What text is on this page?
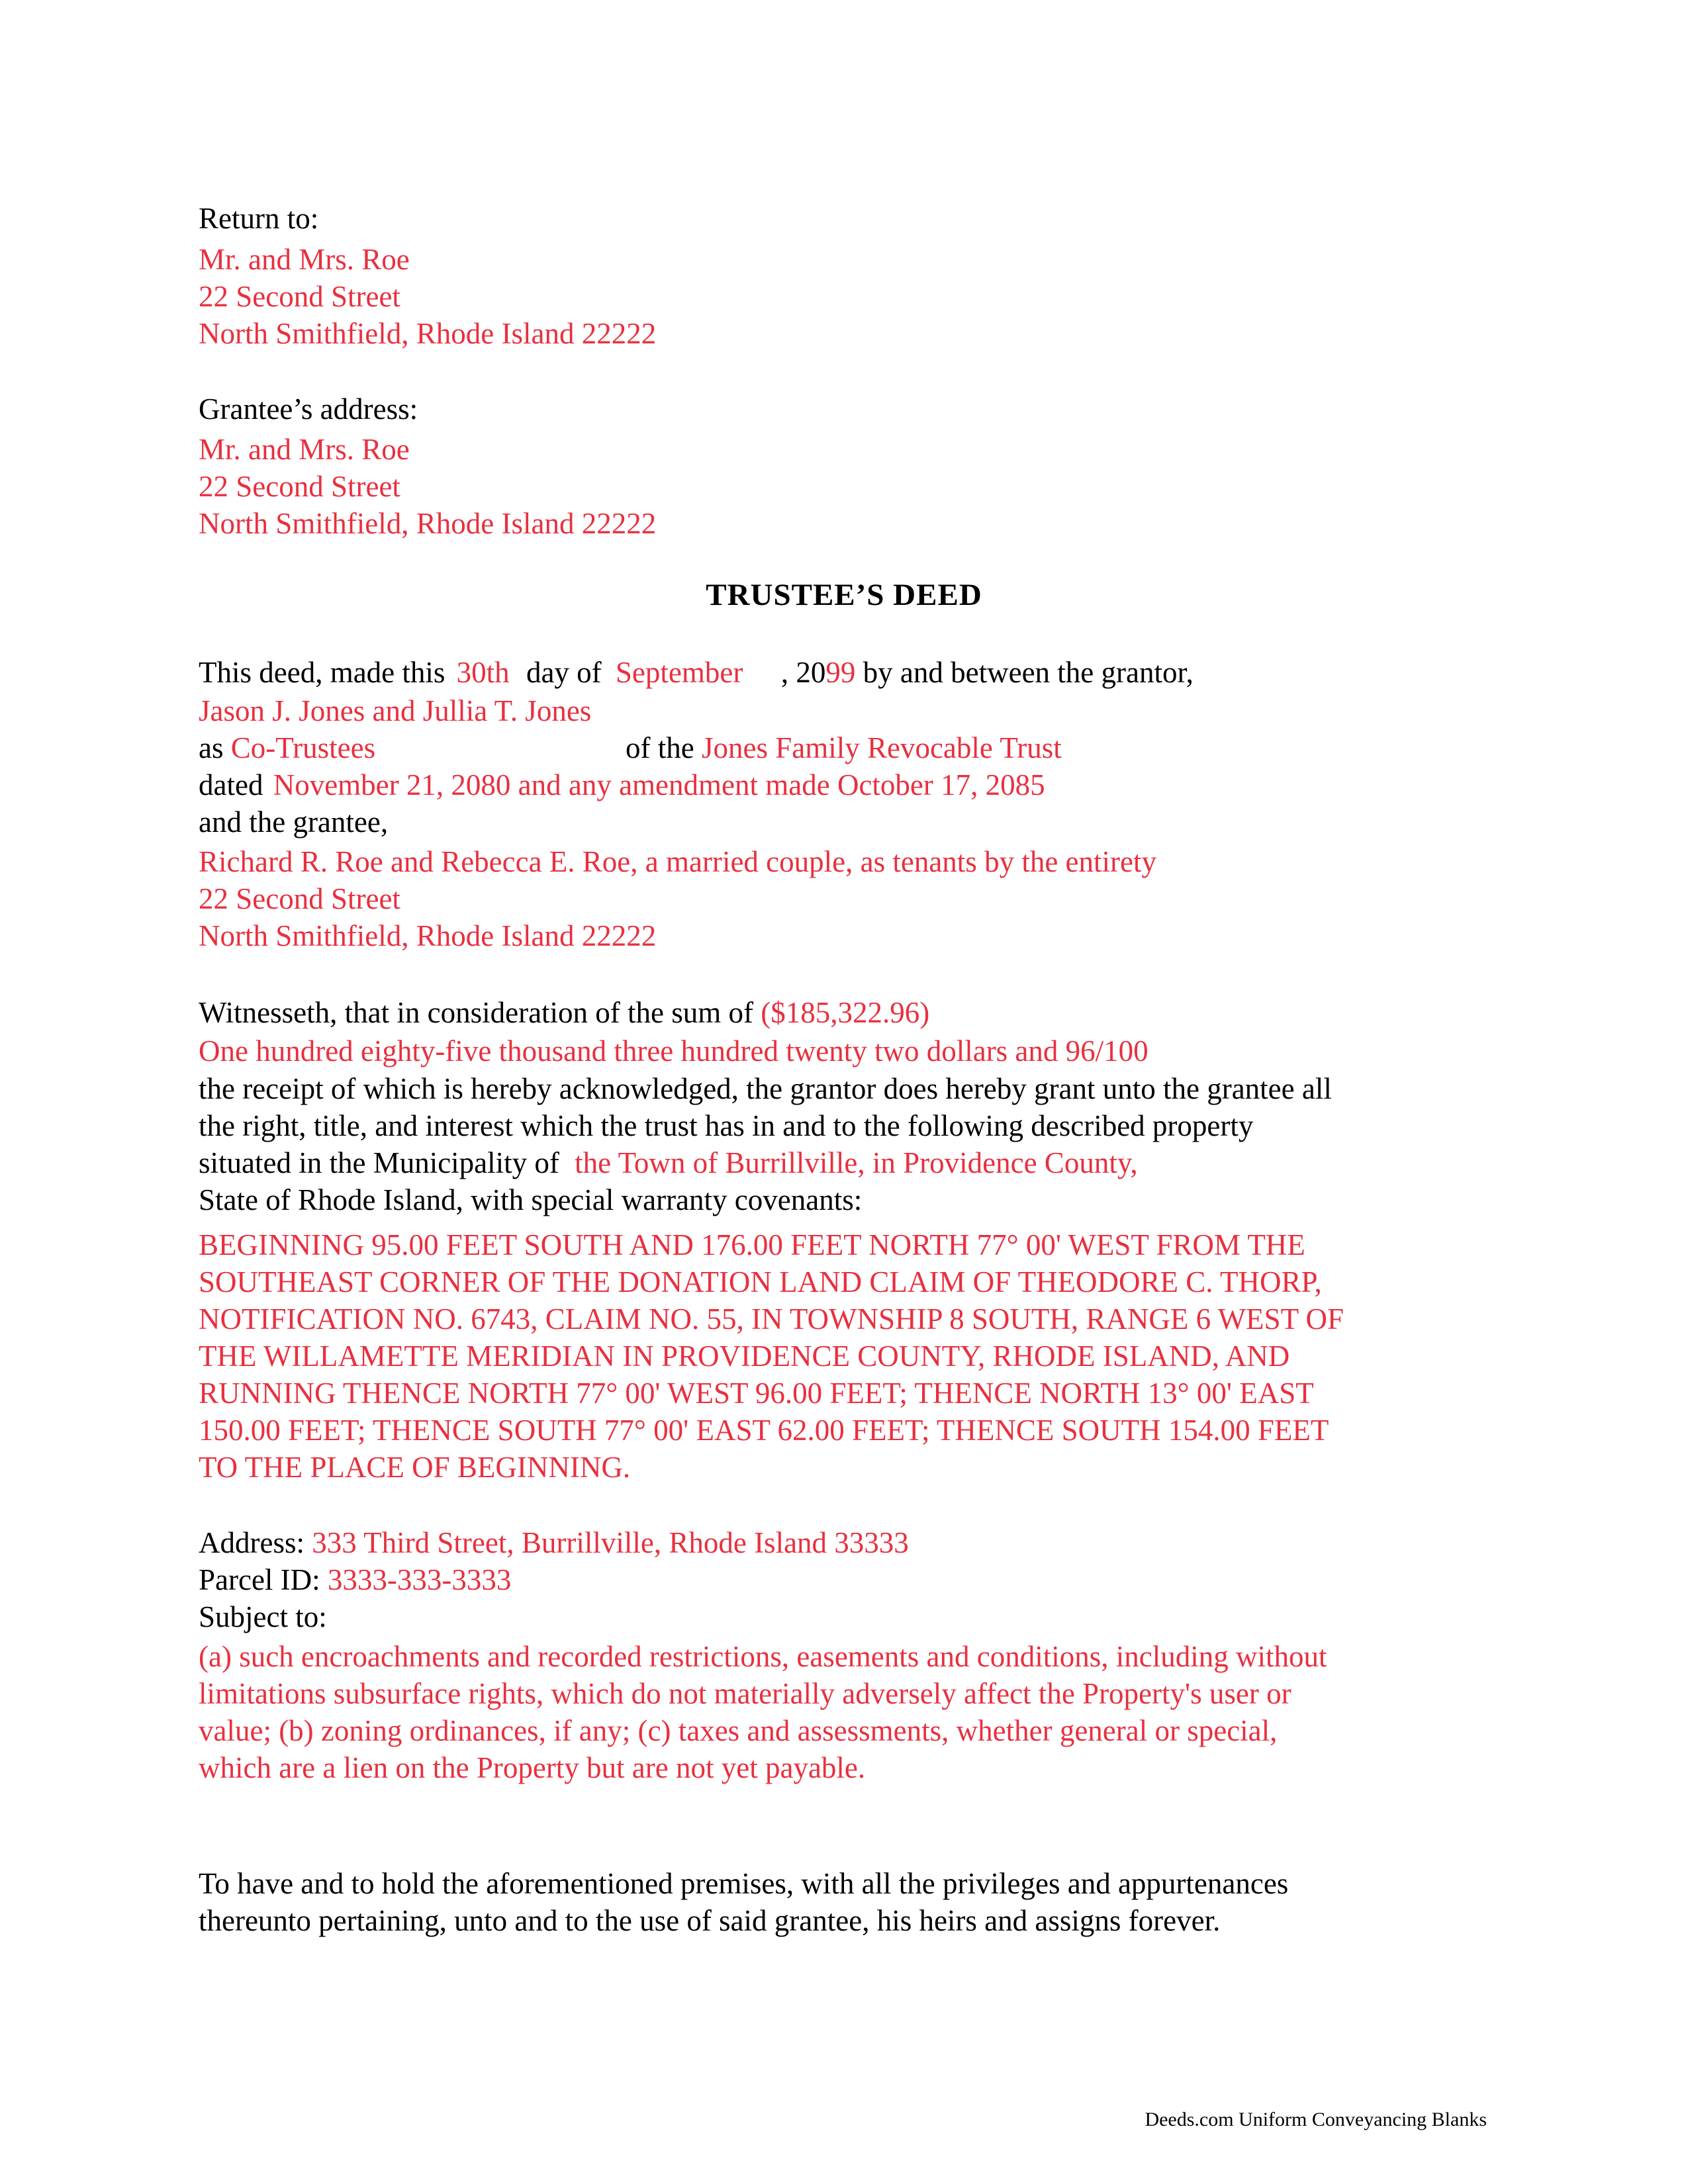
Return to:
Mr. and Mrs. Roe
22 Second Street
North Smithfield, Rhode Island 22222
Grantee’s address:
Mr. and Mrs. Roe
22 Second Street
North Smithfield, Rhode Island 22222
TRUSTEE’S DEED
This deed, made this 30th day of September , 2099 by and between the grantor,
Jason J. Jones and Jullia T. Jones
as Co-Trustees	of the Jones Family Revocable Trust
dated November 21, 2080 and any amendment made October 17, 2085
and the grantee,
Richard R. Roe and Rebecca E. Roe, a married couple, as tenants by the entirety
22 Second Street
North Smithfield, Rhode Island 22222
Witnesseth, that in consideration of the sum of ($185,322.96)
One hundred eighty-five thousand three hundred twenty two dollars and 96/100
the receipt of which is hereby acknowledged, the grantor does hereby grant unto the grantee all
the right, title, and interest which the trust has in and to the following described property
situated in the Municipality of the Town of Burrillville, in Providence County,
State of Rhode Island, with special warranty covenants:
BEGINNING 95.00 FEET SOUTH AND 176.00 FEET NORTH 77° 00' WEST FROM THE
SOUTHEAST CORNER OF THE DONATION LAND CLAIM OF THEODORE C. THORP,
NOTIFICATION NO. 6743, CLAIM NO. 55, IN TOWNSHIP 8 SOUTH, RANGE 6 WEST OF
THE WILLAMETTE MERIDIAN IN PROVIDENCE COUNTY, RHODE ISLAND, AND
RUNNING THENCE NORTH 77° 00' WEST 96.00 FEET; THENCE NORTH 13° 00' EAST
150.00 FEET; THENCE SOUTH 77° 00' EAST 62.00 FEET; THENCE SOUTH 154.00 FEET
TO THE PLACE OF BEGINNING.
Address: 333 Third Street, Burrillville, Rhode Island 33333
Parcel ID: 3333-333-3333
Subject to:
(a) such encroachments and recorded restrictions, easements and conditions, including without
limitations subsurface rights, which do not materially adversely affect the Property's user or
value; (b) zoning ordinances, if any; (c) taxes and assessments, whether general or special,
which are a lien on the Property but are not yet payable.
To have and to hold the aforementioned premises, with all the privileges and appurtenances
thereunto pertaining, unto and to the use of said grantee, his heirs and assigns forever.
Deeds.com Uniform Conveyancing Blanks
